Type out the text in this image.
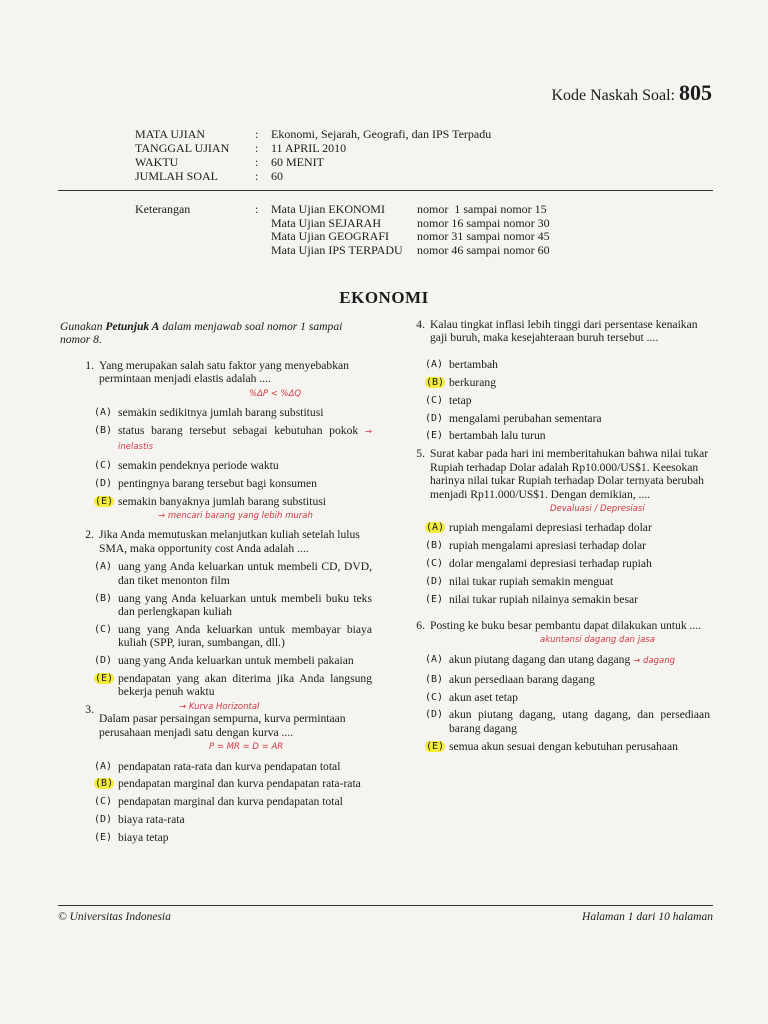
Kode Naskah Soal: 805
MATA UJIAN	:	Ekonomi, Sejarah, Geografi, dan IPS Terpadu
TANGGAL UJIAN	:	11 APRIL 2010
WAKTU	:	60 MENIT
JUMLAH SOAL	:	60
Keterangan	:	Mata Ujian EKONOMI	nomor  1 sampai nomor 15
Mata Ujian SEJARAH	nomor 16 sampai nomor 30
Mata Ujian GEOGRAFI	nomor 31 sampai nomor 45
Mata Ujian IPS TERPADU	nomor 46 sampai nomor 60
EKONOMI
Gunakan Petunjuk A dalam menjawab soal nomor 1 sampai nomor 8.
1. Yang merupakan salah satu faktor yang menyebabkan permintaan menjadi elastis adalah ....
%ΔP < %ΔQ
(A) semakin sedikitnya jumlah barang substitusi
(B) status barang tersebut sebagai kebutuhan pokok → inelastis
(C) semakin pendeknya periode waktu
(D) pentingnya barang tersebut bagi konsumen
(E) semakin banyaknya jumlah barang substitusi
→ mencari barang yang lebih murah
2. Jika Anda memutuskan melanjutkan kuliah setelah lulus SMA, maka opportunity cost Anda adalah ....
(A) uang yang Anda keluarkan untuk membeli CD, DVD, dan tiket menonton film
(B) uang yang Anda keluarkan untuk membeli buku teks dan perlengkapan kuliah
(C) uang yang Anda keluarkan untuk membayar biaya kuliah (SPP, iuran, sumbangan, dll.)
(D) uang yang Anda keluarkan untuk membeli pakaian
(E) pendapatan yang akan diterima jika Anda langsung bekerja penuh waktu
3.	→ Kurva Horizontal
Dalam pasar persaingan sempurna, kurva permintaan perusahaan menjadi satu dengan kurva ....
P = MR = D = AR
(A) pendapatan rata-rata dan kurva pendapatan total
(B) pendapatan marginal dan kurva pendapatan rata-rata
(C) pendapatan marginal dan kurva pendapatan total
(D) biaya rata-rata
(E) biaya tetap
4. Kalau tingkat inflasi lebih tinggi dari persentase kenaikan gaji buruh, maka kesejahteraan buruh tersebut ....
(A) bertambah
(B) berkurang
(C) tetap
(D) mengalami perubahan sementara
(E) bertambah lalu turun
5. Surat kabar pada hari ini memberitahukan bahwa nilai tukar Rupiah terhadap Dolar adalah Rp10.000/US$1. Keesokan harinya nilai tukar Rupiah terhadap Dolar ternyata berubah menjadi Rp11.000/US$1. Dengan demikian, ....
Devaluasi / Depresiasi
(A) rupiah mengalami depresiasi terhadap dolar
(B) rupiah mengalami apresiasi terhadap dolar
(C) dolar mengalami depresiasi terhadap rupiah
(D) nilai tukar rupiah semakin menguat
(E) nilai tukar rupiah nilainya semakin besar
6. Posting ke buku besar pembantu dapat dilakukan untuk ....
akuntansi dagang dan jasa
(A) akun piutang dagang dan utang dagang → dagang
(B) akun persediaan barang dagang
(C) akun aset tetap
(D) akun piutang dagang, utang dagang, dan persediaan barang dagang
(E) semua akun sesuai dengan kebutuhan perusahaan
© Universitas Indonesia	Halaman 1 dari 10 halaman
